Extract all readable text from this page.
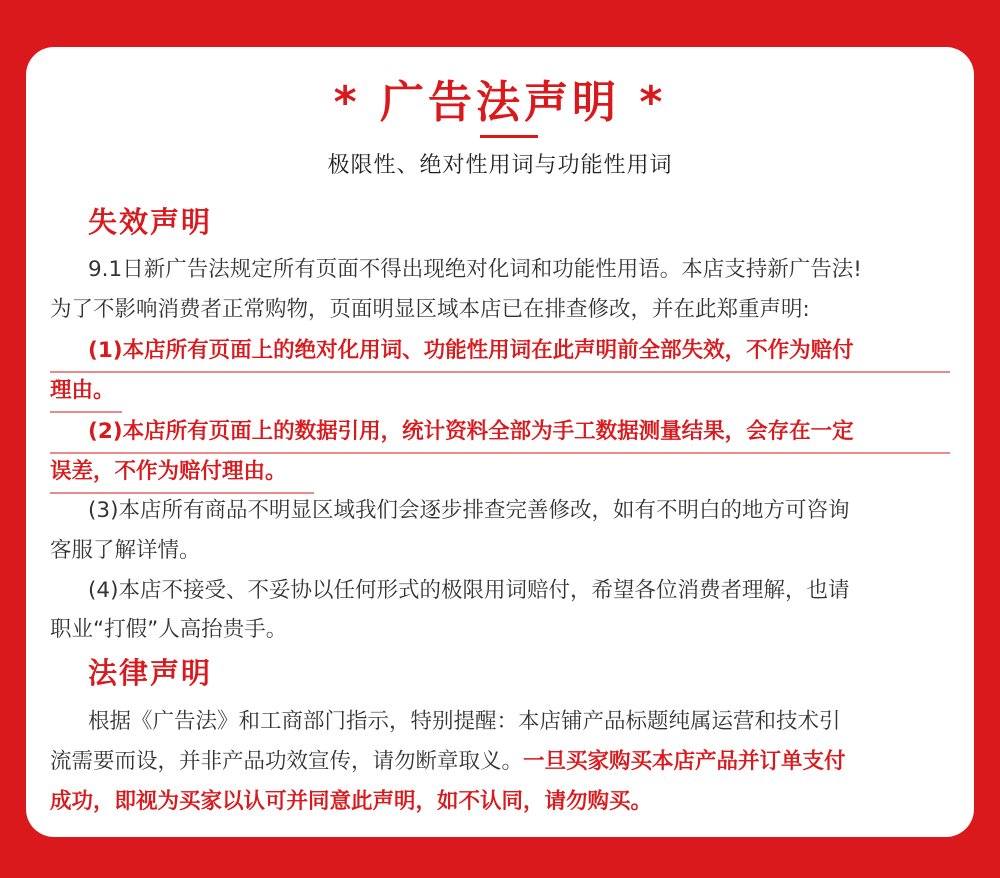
* 广告法声明 *
极限性、绝对性用词与功能性用词
失效声明
9.1日新广告法规定所有页面不得出现绝对化词和功能性用语。本店支持新广告法!
为了不影响消费者正常购物，页面明显区域本店已在排查修改，并在此郑重声明:
(1)本店所有页面上的绝对化用词、功能性用词在此声明前全部失效，不作为赔付
理由。
(2)本店所有页面上的数据引用，统计资料全部为手工数据测量结果，会存在一定
误差，不作为赔付理由。
(3)本店所有商品不明显区域我们会逐步排查完善修改，如有不明白的地方可咨询
客服了解详情。
(4)本店不接受、不妥协以任何形式的极限用词赔付，希望各位消费者理解，也请
职业“打假”人高抬贵手。
法律声明
根据《广告法》和工商部门指示，特别提醒：本店铺产品标题纯属运营和技术引
流需要而设，并非产品功效宣传，请勿断章取义。一旦买家购买本店产品并订单支付
成功，即视为买家以认可并同意此声明，如不认同，请勿购买。
